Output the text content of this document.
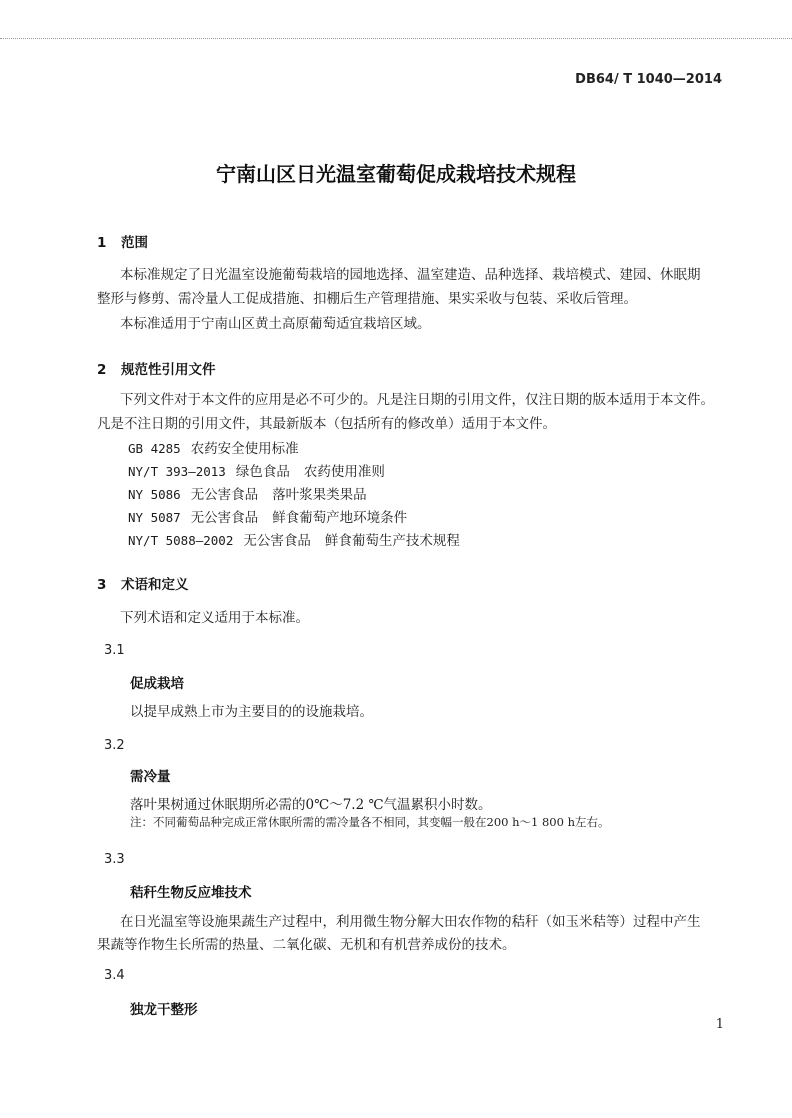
DB64/ T 1040—2014
宁南山区日光温室葡萄促成栽培技术规程
1 范围
本标准规定了日光温室设施葡萄栽培的园地选择、温室建造、品种选择、栽培模式、建园、休眠期
整形与修剪、需冷量人工促成措施、扣棚后生产管理措施、果实采收与包装、采收后管理。
本标准适用于宁南山区黄土高原葡萄适宜栽培区域。
2 规范性引用文件
下列文件对于本文件的应用是必不可少的。凡是注日期的引用文件，仅注日期的版本适用于本文件。
凡是不注日期的引用文件，其最新版本（包括所有的修改单）适用于本文件。
GB 4285 农药安全使用标准
NY/T 393—2013 绿色食品 农药使用准则
NY 5086 无公害食品 落叶浆果类果品
NY 5087 无公害食品 鲜食葡萄产地环境条件
NY/T 5088—2002 无公害食品 鲜食葡萄生产技术规程
3 术语和定义
下列术语和定义适用于本标准。
3.1
促成栽培
以提早成熟上市为主要目的的设施栽培。
3.2
需冷量
落叶果树通过休眠期所必需的0℃～7.2 ℃气温累积小时数。
注：不同葡萄品种完成正常休眠所需的需冷量各不相同，其变幅一般在200 h～1 800 h左右。
3.3
秸秆生物反应堆技术
在日光温室等设施果蔬生产过程中，利用微生物分解大田农作物的秸秆（如玉米秸等）过程中产生
果蔬等作物生长所需的热量、二氧化碳、无机和有机营养成份的技术。
3.4
独龙干整形
1
